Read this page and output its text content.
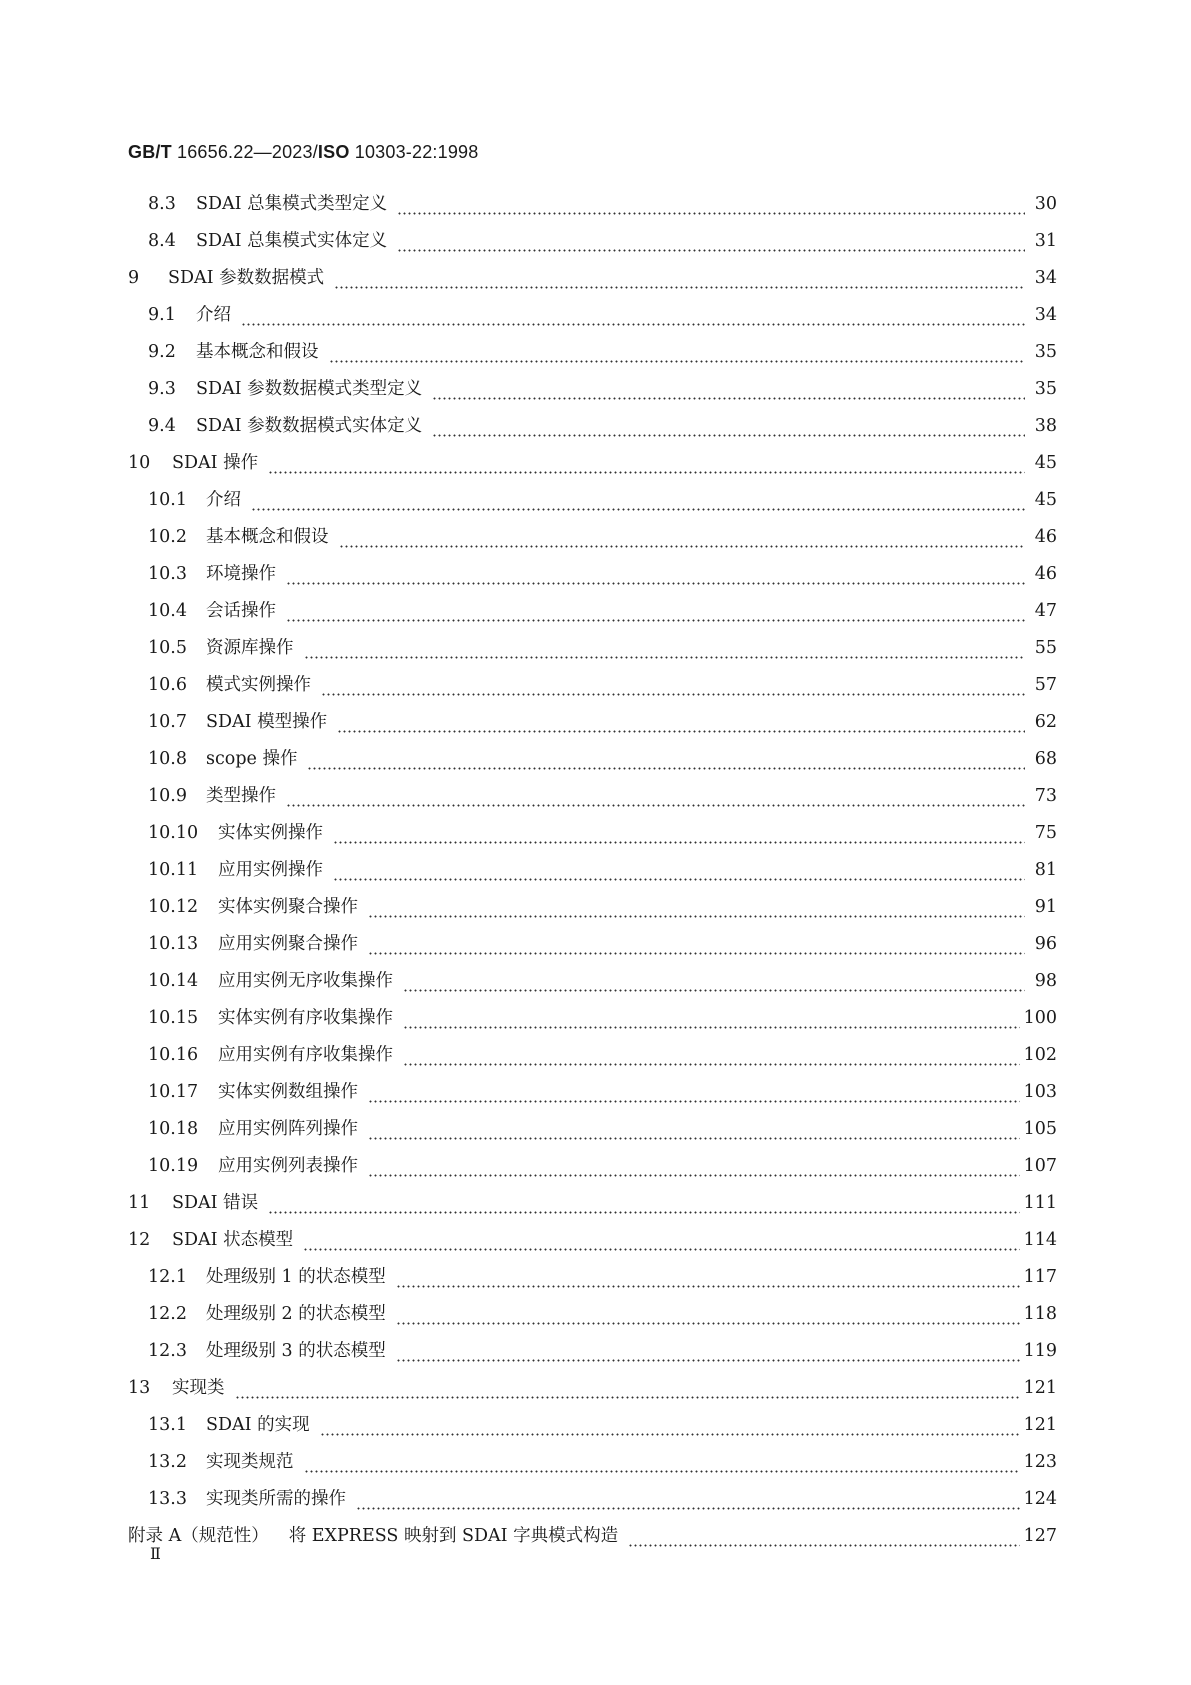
GB/T 16656.22—2023/ISO 10303-22:1998
8.3	SDAI 总集模式类型定义	30
8.4	SDAI 总集模式实体定义	31
9	SDAI 参数数据模式	34
9.1	介绍	34
9.2	基本概念和假设	35
9.3	SDAI 参数数据模式类型定义	35
9.4	SDAI 参数数据模式实体定义	38
10	SDAI 操作	45
10.1	介绍	45
10.2	基本概念和假设	46
10.3	环境操作	46
10.4	会话操作	47
10.5	资源库操作	55
10.6	模式实例操作	57
10.7	SDAI 模型操作	62
10.8	scope 操作	68
10.9	类型操作	73
10.10	实体实例操作	75
10.11	应用实例操作	81
10.12	实体实例聚合操作	91
10.13	应用实例聚合操作	96
10.14	应用实例无序收集操作	98
10.15	实体实例有序收集操作	100
10.16	应用实例有序收集操作	102
10.17	实体实例数组操作	103
10.18	应用实例阵列操作	105
10.19	应用实例列表操作	107
11	SDAI 错误	111
12	SDAI 状态模型	114
12.1	处理级别 1 的状态模型	117
12.2	处理级别 2 的状态模型	118
12.3	处理级别 3 的状态模型	119
13	实现类	121
13.1	SDAI 的实现	121
13.2	实现类规范	123
13.3	实现类所需的操作	124
附录 A（规范性）	将 EXPRESS 映射到 SDAI 字典模式构造	127
Ⅱ
